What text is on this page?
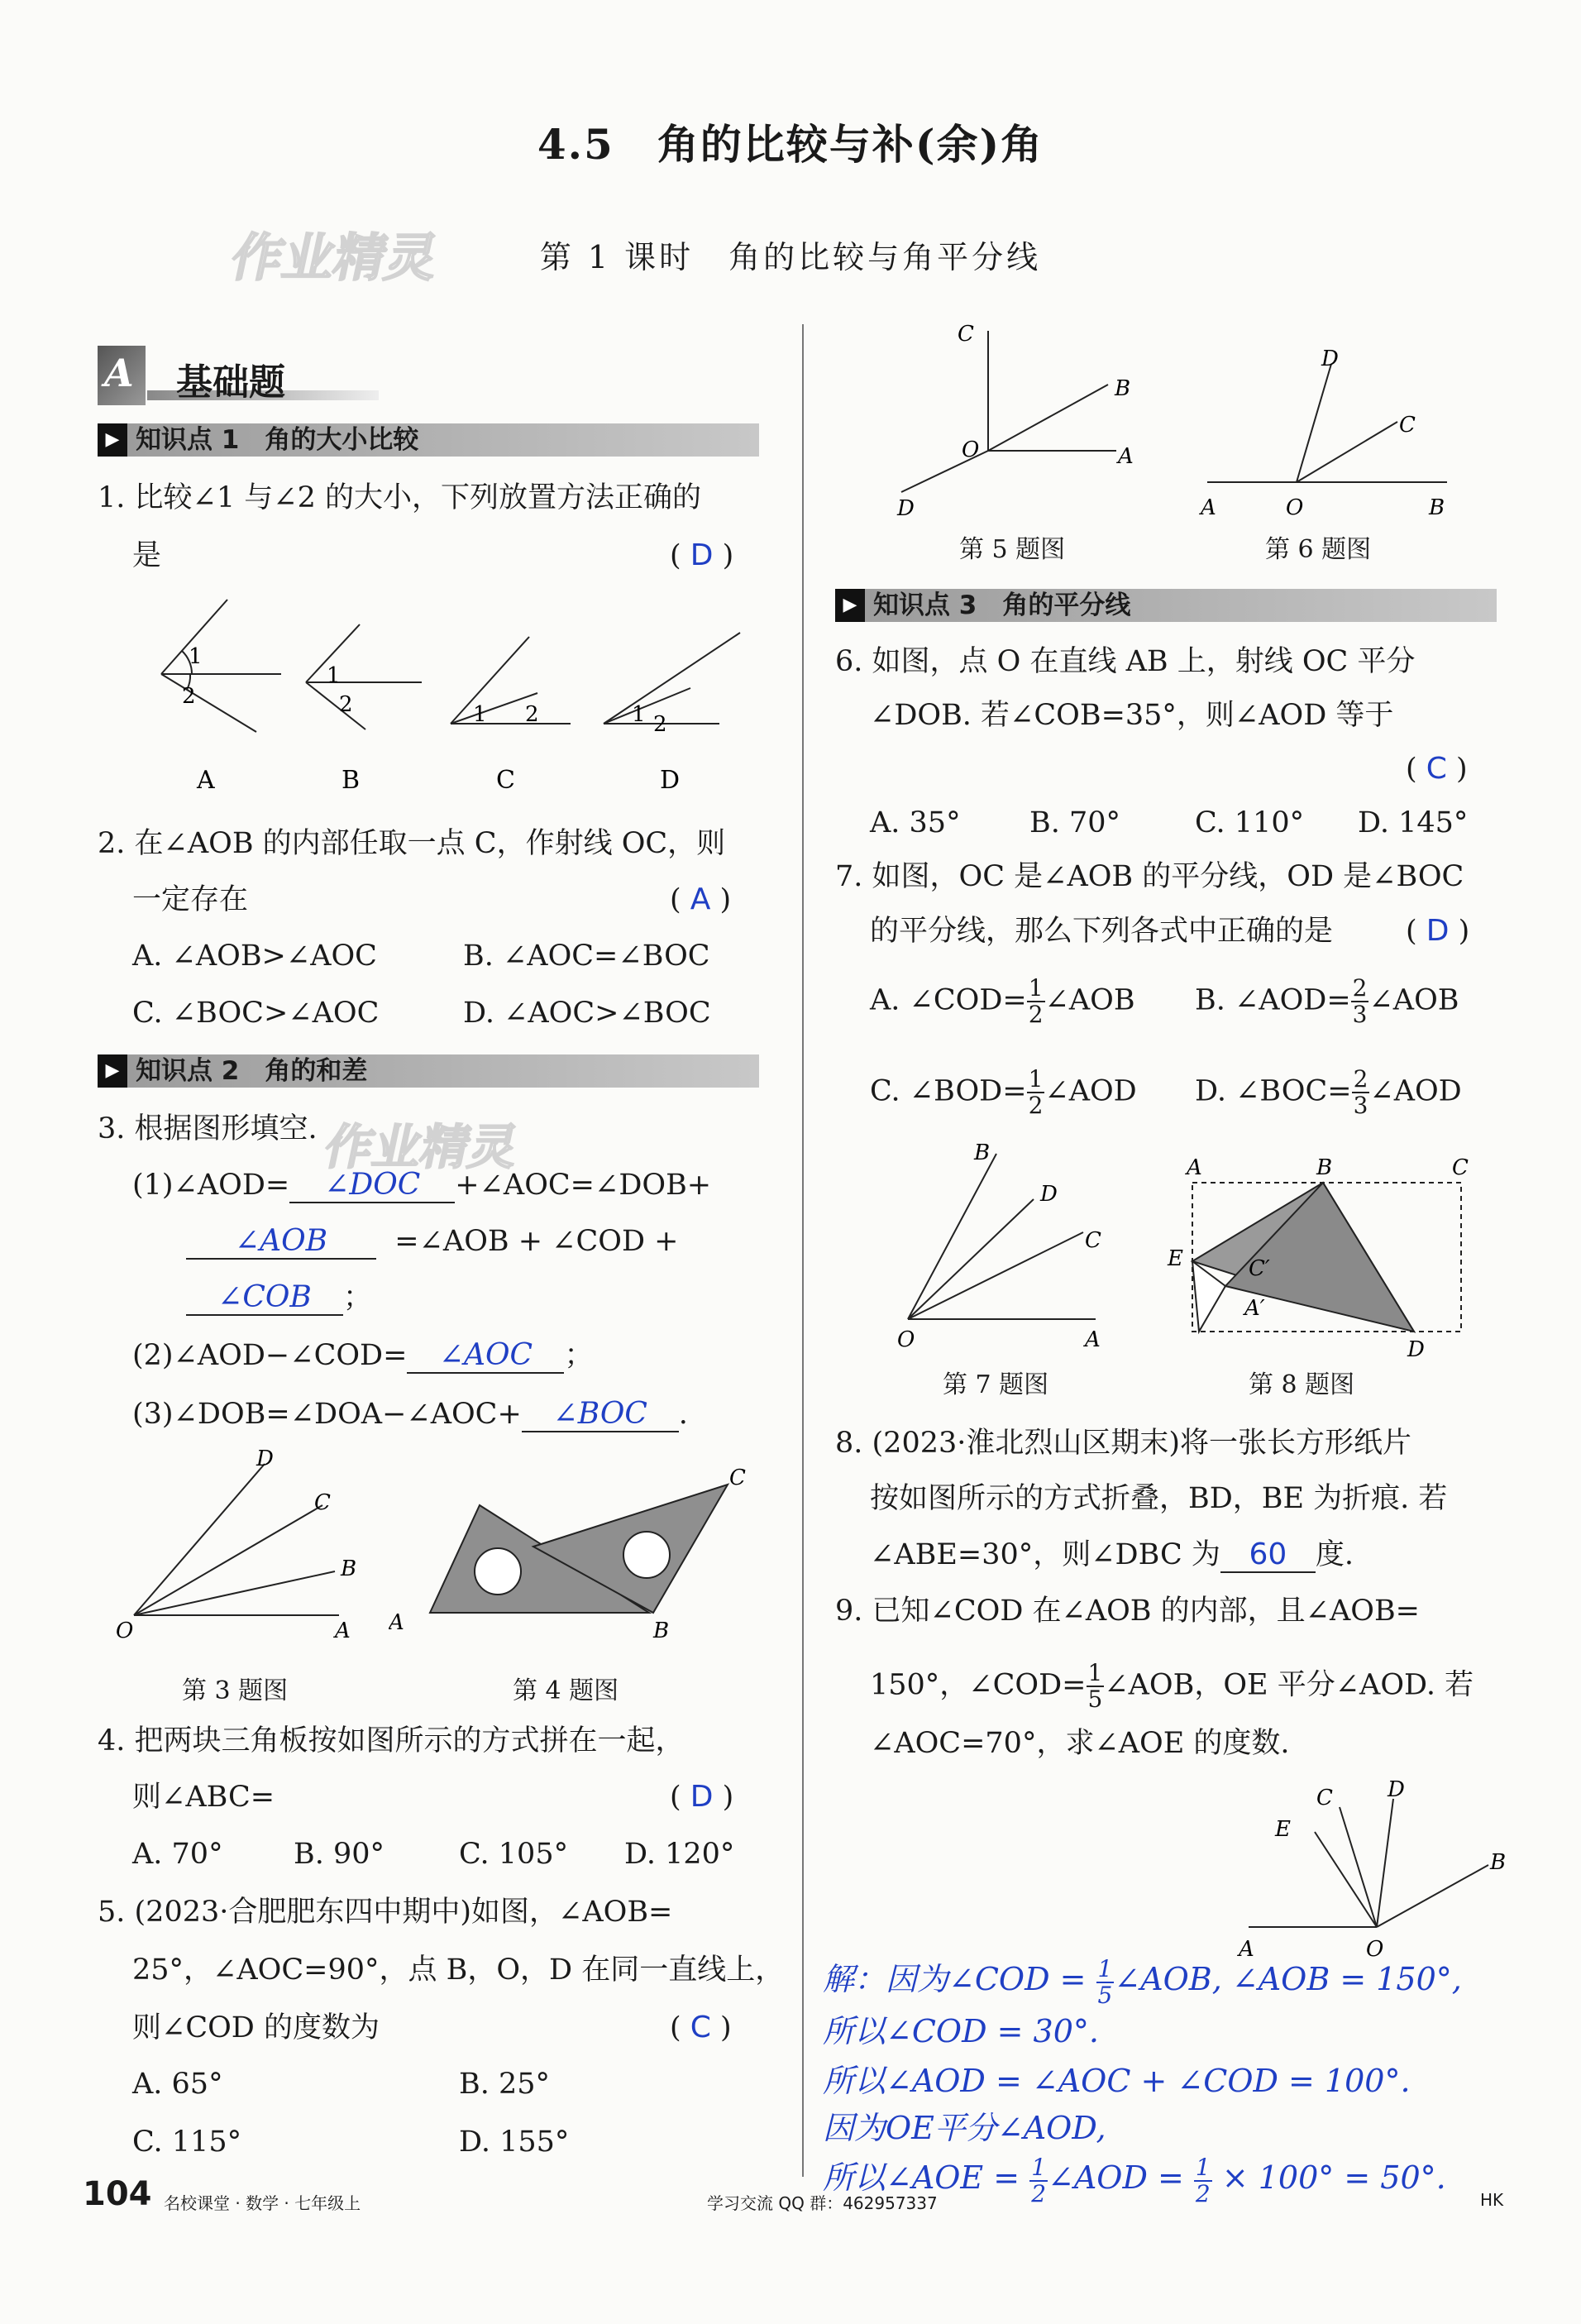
4.5　角的比较与补(余)角
第 1 课时　角的比较与角平分线
作业精灵
作业精灵
A 基础题
▶ 知识点 1　角的大小比较
1. 比较∠1 与∠2 的大小，下列放置方法正确的
是	( D )
1
2
1
2	1 2	1 2
A	B	C	D
2. 在∠AOB 的内部任取一点 C，作射线 OC，则
一定存在	( A )
A. ∠AOB>∠AOC	B. ∠AOC=∠BOC
C. ∠BOC>∠AOC	D. ∠AOC>∠BOC
▶ 知识点 2　角的和差
3. 根据图形填空.
(1)∠AOD= ∠DOC +∠AOC=∠DOB+
∠AOB =∠AOB + ∠COD +
∠COB ；
(2)∠AOD−∠COD= ∠AOC ；
(3)∠DOB=∠DOA−∠AOC+ ∠BOC .
O	A
B
C
D
A	B
C
第 3 题图	第 4 题图
4. 把两块三角板按如图所示的方式拼在一起，
则∠ABC=	( D )
A. 70° B. 90°	C. 105° D. 120°
5. (2023·合肥肥东四中期中)如图，∠AOB=
25°，∠AOC=90°，点 B，O，D 在同一直线上，
则∠COD 的度数为	( C )
A. 65°	B. 25°
C. 115°	D. 155°
C
B
A
O
D
D
C
A	O	B
第 5 题图	第 6 题图
▶ 知识点 3　角的平分线
6. 如图，点 O 在直线 AB 上，射线 OC 平分
∠DOB. 若∠COB=35°，则∠AOD 等于
( C )
A. 35° B. 70°	C. 110° D. 145°
7. 如图，OC 是∠AOB 的平分线，OD 是∠BOC
的平分线，那么下列各式中正确的是	( D )
A. ∠COD= $\frac{1}{2}$ ∠AOB B. ∠AOD= $\frac{2}{3}$ ∠AOB
C. ∠BOD= $\frac{1}{2}$ ∠AOD D. ∠BOC= $\frac{2}{3}$ ∠AOD
B
D
C
O	A
A	B	C
E	C′
A′
D
第 7 题图	第 8 题图
8. (2023·淮北烈山区期末)将一张长方形纸片
按如图所示的方式折叠，BD，BE 为折痕. 若
∠ABE=30°，则∠DBC 为 60 度.
9. 已知∠COD 在∠AOB 的内部，且∠AOB=
150°，∠COD= $\frac{1}{5}$ ∠AOB，OE 平分∠AOD. 若
∠AOC=70°，求∠AOE 的度数.
E
C	D
B
A	O
解：因为∠COD = $\frac{1}{5}$ ∠AOB, ∠AOB = 150°,
所以∠COD = 30°.
所以∠AOD = ∠AOC + ∠COD = 100°.
因为OE平分∠AOD,
所以∠AOE = $\frac{1}{2}$ ∠AOD = $\frac{1}{2} \times 100^\circ = 50^\circ$.
104 名校课堂 · 数学 · 七年级上	学习交流 QQ 群：462957337	HK
